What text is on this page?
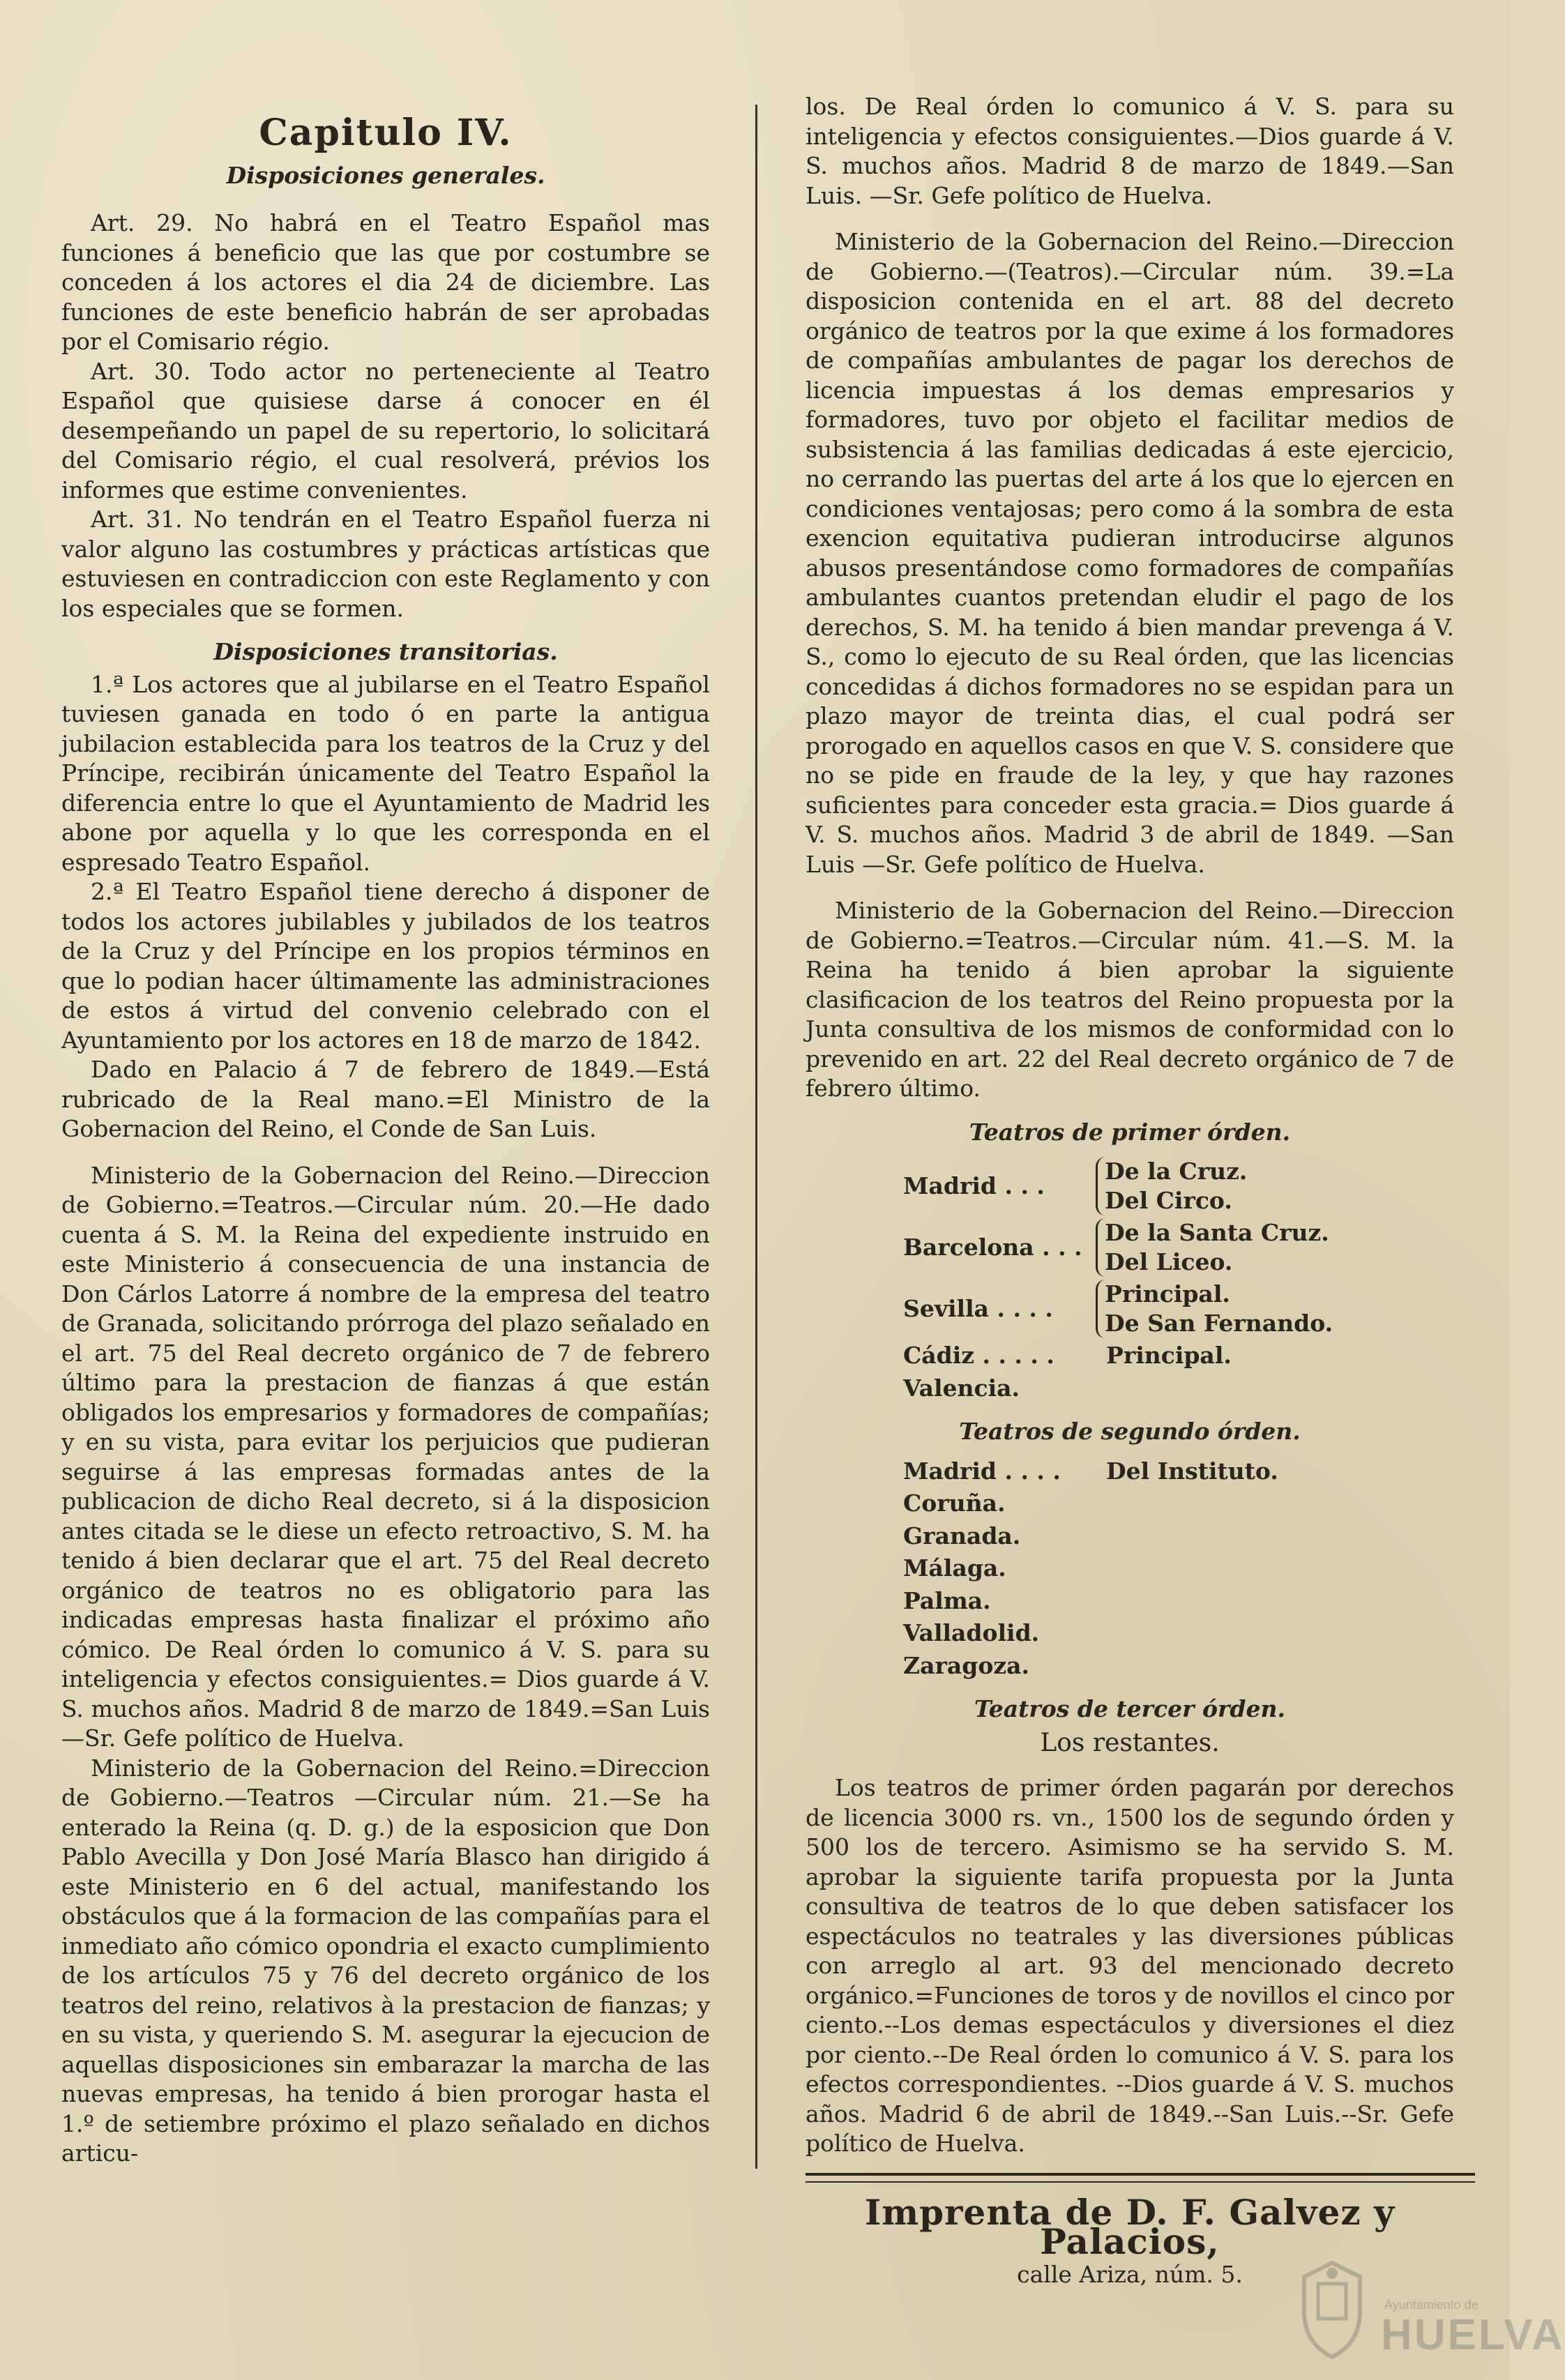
Capitulo IV.
Disposiciones generales.

Art. 29. No habrá en el Teatro Español mas funciones á beneficio que las que por costumbre se conceden á los actores el dia 24 de diciembre. Las funciones de este beneficio habrán de ser aprobadas por el Comisario régio.

Art. 30. Todo actor no perteneciente al Teatro Español que quisiese darse á conocer en él desempeñando un papel de su repertorio, lo solicitará del Comisario régio, el cual resolverá, prévios los informes que estime convenientes.

Art. 31. No tendrán en el Teatro Español fuerza ni valor alguno las costumbres y prácticas artísticas que estuviesen en contradiccion con este Reglamento y con los especiales que se formen.

Disposiciones transitorias.

1.ª Los actores que al jubilarse en el Teatro Español tuviesen ganada en todo ó en parte la antigua jubilacion establecida para los teatros de la Cruz y del Príncipe, recibirán únicamente del Teatro Español la diferencia entre lo que el Ayuntamiento de Madrid les abone por aquella y lo que les corresponda en el espresado Teatro Español.

2.ª El Teatro Español tiene derecho á disponer de todos los actores jubilables y jubilados de los teatros de la Cruz y del Príncipe en los propios términos en que lo podian hacer últimamente las administraciones de estos á virtud del convenio celebrado con el Ayuntamiento por los actores en 18 de marzo de 1842.

Dado en Palacio á 7 de febrero de 1849.—Está rubricado de la Real mano.=El Ministro de la Gobernacion del Reino, el Conde de San Luis.

Ministerio de la Gobernacion del Reino.—Direccion de Gobierno.=Teatros.—Circular núm. 20.—He dado cuenta á S. M. la Reina del expediente instruido en este Ministerio á consecuencia de una instancia de Don Cárlos Latorre á nombre de la empresa del teatro de Granada, solicitando prórroga del plazo señalado en el art. 75 del Real decreto orgánico de 7 de febrero último para la prestacion de fianzas á que están obligados los empresarios y formadores de compañías; y en su vista, para evitar los perjuicios que pudieran seguirse á las empresas formadas antes de la publicacion de dicho Real decreto, si á la disposicion antes citada se le diese un efecto retroactivo, S. M. ha tenido á bien declarar que el art. 75 del Real decreto orgánico de teatros no es obligatorio para las indicadas empresas hasta finalizar el próximo año cómico. De Real órden lo comunico á V. S. para su inteligencia y efectos consiguientes.= Dios guarde á V. S. muchos años. Madrid 8 de marzo de 1849.=San Luis —Sr. Gefe político de Huelva.

Ministerio de la Gobernacion del Reino.=Direccion de Gobierno.—Teatros —Circular núm. 21.—Se ha enterado la Reina (q. D. g.) de la esposicion que Don Pablo Avecilla y Don José María Blasco han dirigido á este Ministerio en 6 del actual, manifestando los obstáculos que á la formacion de las compañías para el inmediato año cómico opondria el exacto cumplimiento de los artículos 75 y 76 del decreto orgánico de los teatros del reino, relativos à la prestacion de fianzas; y en su vista, y queriendo S. M. asegurar la ejecucion de aquellas disposiciones sin embarazar la marcha de las nuevas empresas, ha tenido á bien prorogar hasta el 1.º de setiembre próximo el plazo señalado en dichos articu-

los. De Real órden lo comunico á V. S. para su inteligencia y efectos consiguientes.—Dios guarde á V. S. muchos años. Madrid 8 de marzo de 1849.—San Luis. —Sr. Gefe político de Huelva.

Ministerio de la Gobernacion del Reino.—Direccion de Gobierno.—(Teatros).—Circular núm. 39.=La disposicion contenida en el art. 88 del decreto orgánico de teatros por la que exime á los formadores de compañías ambulantes de pagar los derechos de licencia impuestas á los demas empresarios y formadores, tuvo por objeto el facilitar medios de subsistencia á las familias dedicadas á este ejercicio, no cerrando las puertas del arte á los que lo ejercen en condiciones ventajosas; pero como á la sombra de esta exencion equitativa pudieran introducirse algunos abusos presentándose como formadores de compañías ambulantes cuantos pretendan eludir el pago de los derechos, S. M. ha tenido á bien mandar prevenga á V. S., como lo ejecuto de su Real órden, que las licencias concedidas á dichos formadores no se espidan para un plazo mayor de treinta dias, el cual podrá ser prorogado en aquellos casos en que V. S. considere que no se pide en fraude de la ley, y que hay razones suficientes para conceder esta gracia.= Dios guarde á V. S. muchos años. Madrid 3 de abril de 1849. —San Luis —Sr. Gefe político de Huelva.

Ministerio de la Gobernacion del Reino.—Direccion de Gobierno.=Teatros.—Circular núm. 41.—S. M. la Reina ha tenido á bien aprobar la siguiente clasificacion de los teatros del Reino propuesta por la Junta consultiva de los mismos de conformidad con lo prevenido en art. 22 del Real decreto orgánico de 7 de febrero último.

Teatros de primer órden.
Madrid . . .
De la Cruz.
Del Circo.
Barcelona . . .
De la Santa Cruz.
Del Liceo.
Sevilla . . . .
Principal.
De San Fernando.
Cádiz . . . . .	Principal.
Valencia.
Teatros de segundo órden.
Madrid . . . .	Del Instituto.
Coruña.
Granada.
Málaga.
Palma.
Valladolid.
Zaragoza.
Teatros de tercer órden.
Los restantes.

Los teatros de primer órden pagarán por derechos de licencia 3000 rs. vn., 1500 los de segundo órden y 500 los de tercero. Asimismo se ha servido S. M. aprobar la siguiente tarifa propuesta por la Junta consultiva de teatros de lo que deben satisfacer los espectáculos no teatrales y las diversiones públicas con arreglo al art. 93 del mencionado decreto orgánico.=Funciones de toros y de novillos el cinco por ciento.--Los demas espectáculos y diversiones el diez por ciento.--De Real órden lo comunico á V. S. para los efectos correspondientes. --Dios guarde á V. S. muchos años. Madrid 6 de abril de 1849.--San Luis.--Sr. Gefe político de Huelva.

Imprenta de D. F. Galvez y Palacios,
calle Ariza, núm. 5.
Ayuntamiento de
HUELVA
